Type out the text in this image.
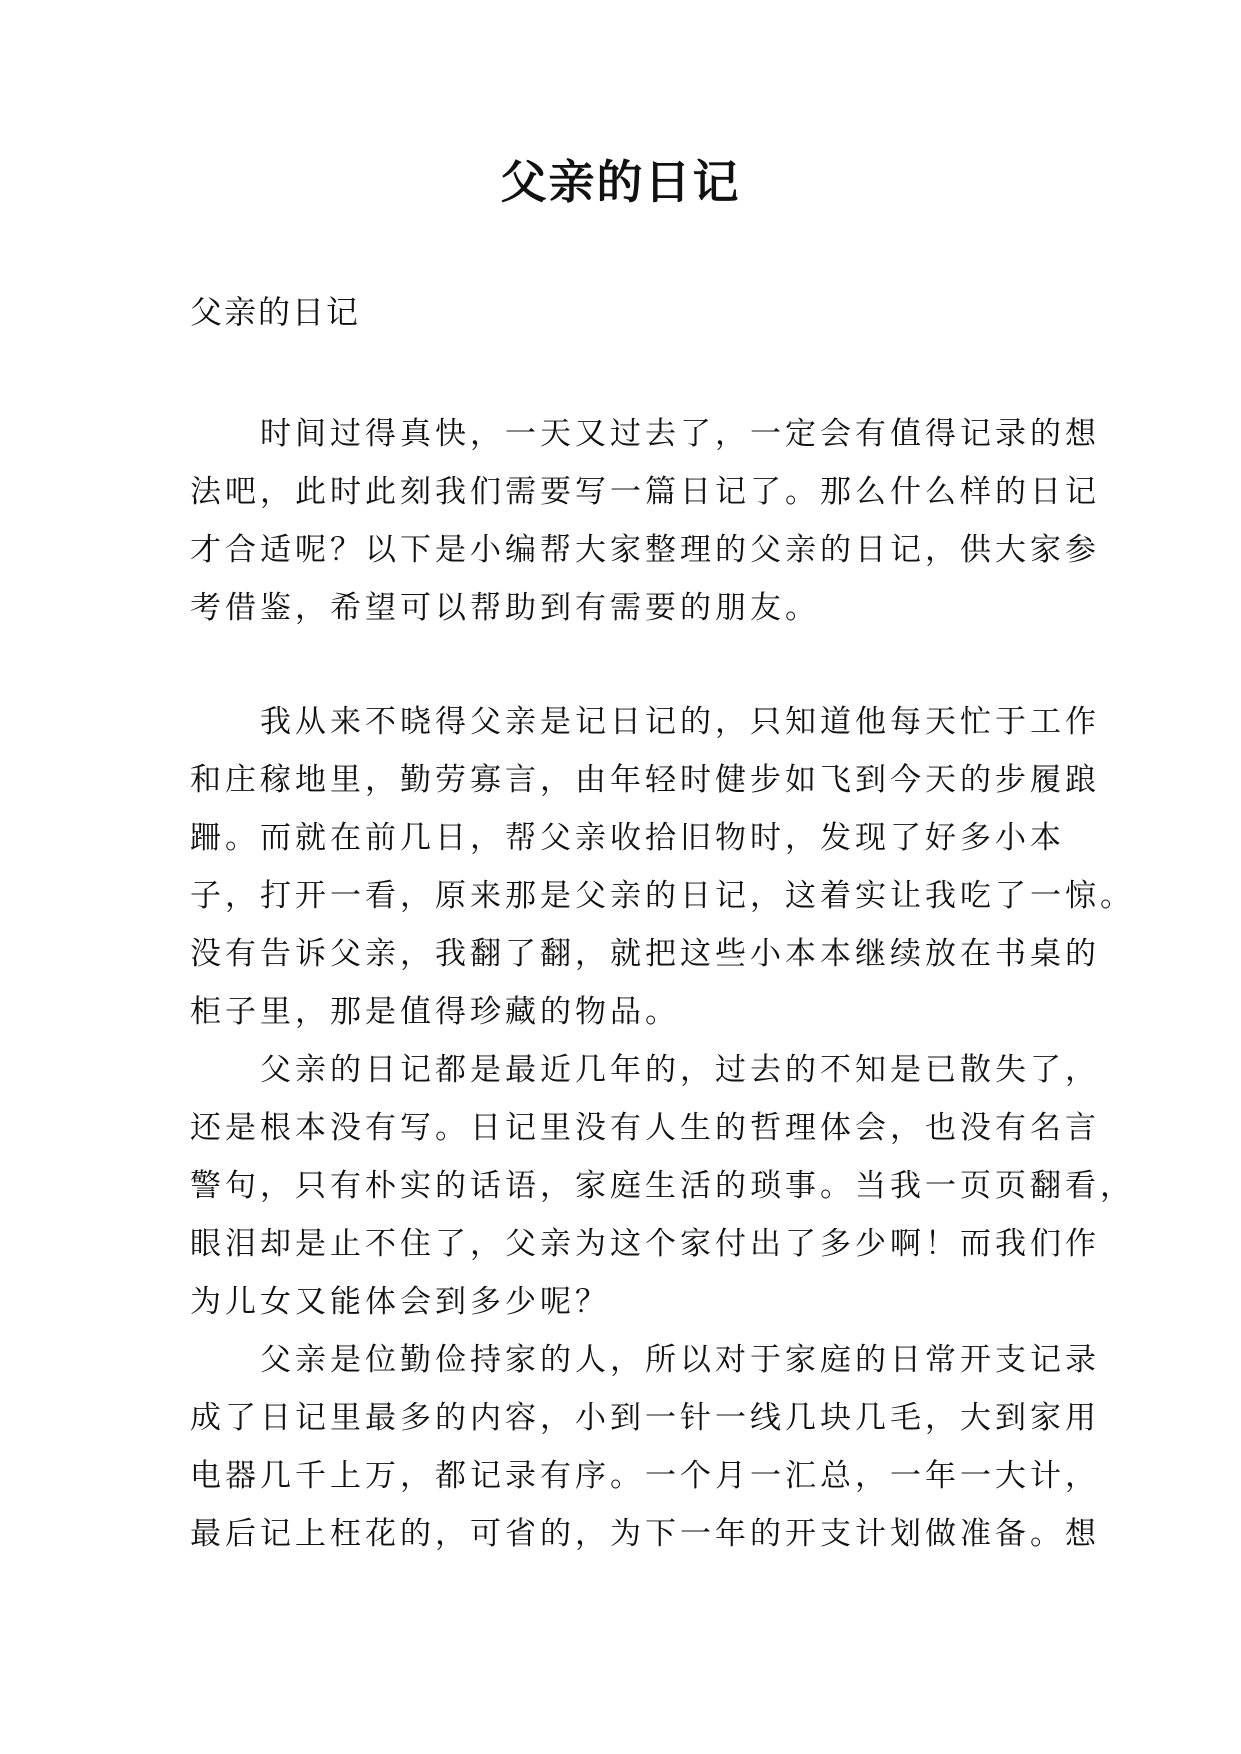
父亲的日记

父亲的日记

　　时间过得真快，一天又过去了，一定会有值得记录的想
法吧，此时此刻我们需要写一篇日记了。那么什么样的日记
才合适呢？以下是小编帮大家整理的父亲的日记，供大家参
考借鉴，希望可以帮助到有需要的朋友。

　　我从来不晓得父亲是记日记的，只知道他每天忙于工作
和庄稼地里，勤劳寡言，由年轻时健步如飞到今天的步履踉
跚。而就在前几日，帮父亲收拾旧物时，发现了好多小本
子，打开一看，原来那是父亲的日记，这着实让我吃了一惊。
没有告诉父亲，我翻了翻，就把这些小本本继续放在书桌的
柜子里，那是值得珍藏的物品。

　　父亲的日记都是最近几年的，过去的不知是已散失了，
还是根本没有写。日记里没有人生的哲理体会，也没有名言
警句，只有朴实的话语，家庭生活的琐事。当我一页页翻看，
眼泪却是止不住了，父亲为这个家付出了多少啊！而我们作
为儿女又能体会到多少呢？

　　父亲是位勤俭持家的人，所以对于家庭的日常开支记录
成了日记里最多的内容，小到一针一线几块几毛，大到家用
电器几千上万，都记录有序。一个月一汇总，一年一大计，
最后记上枉花的，可省的，为下一年的开支计划做准备。想
